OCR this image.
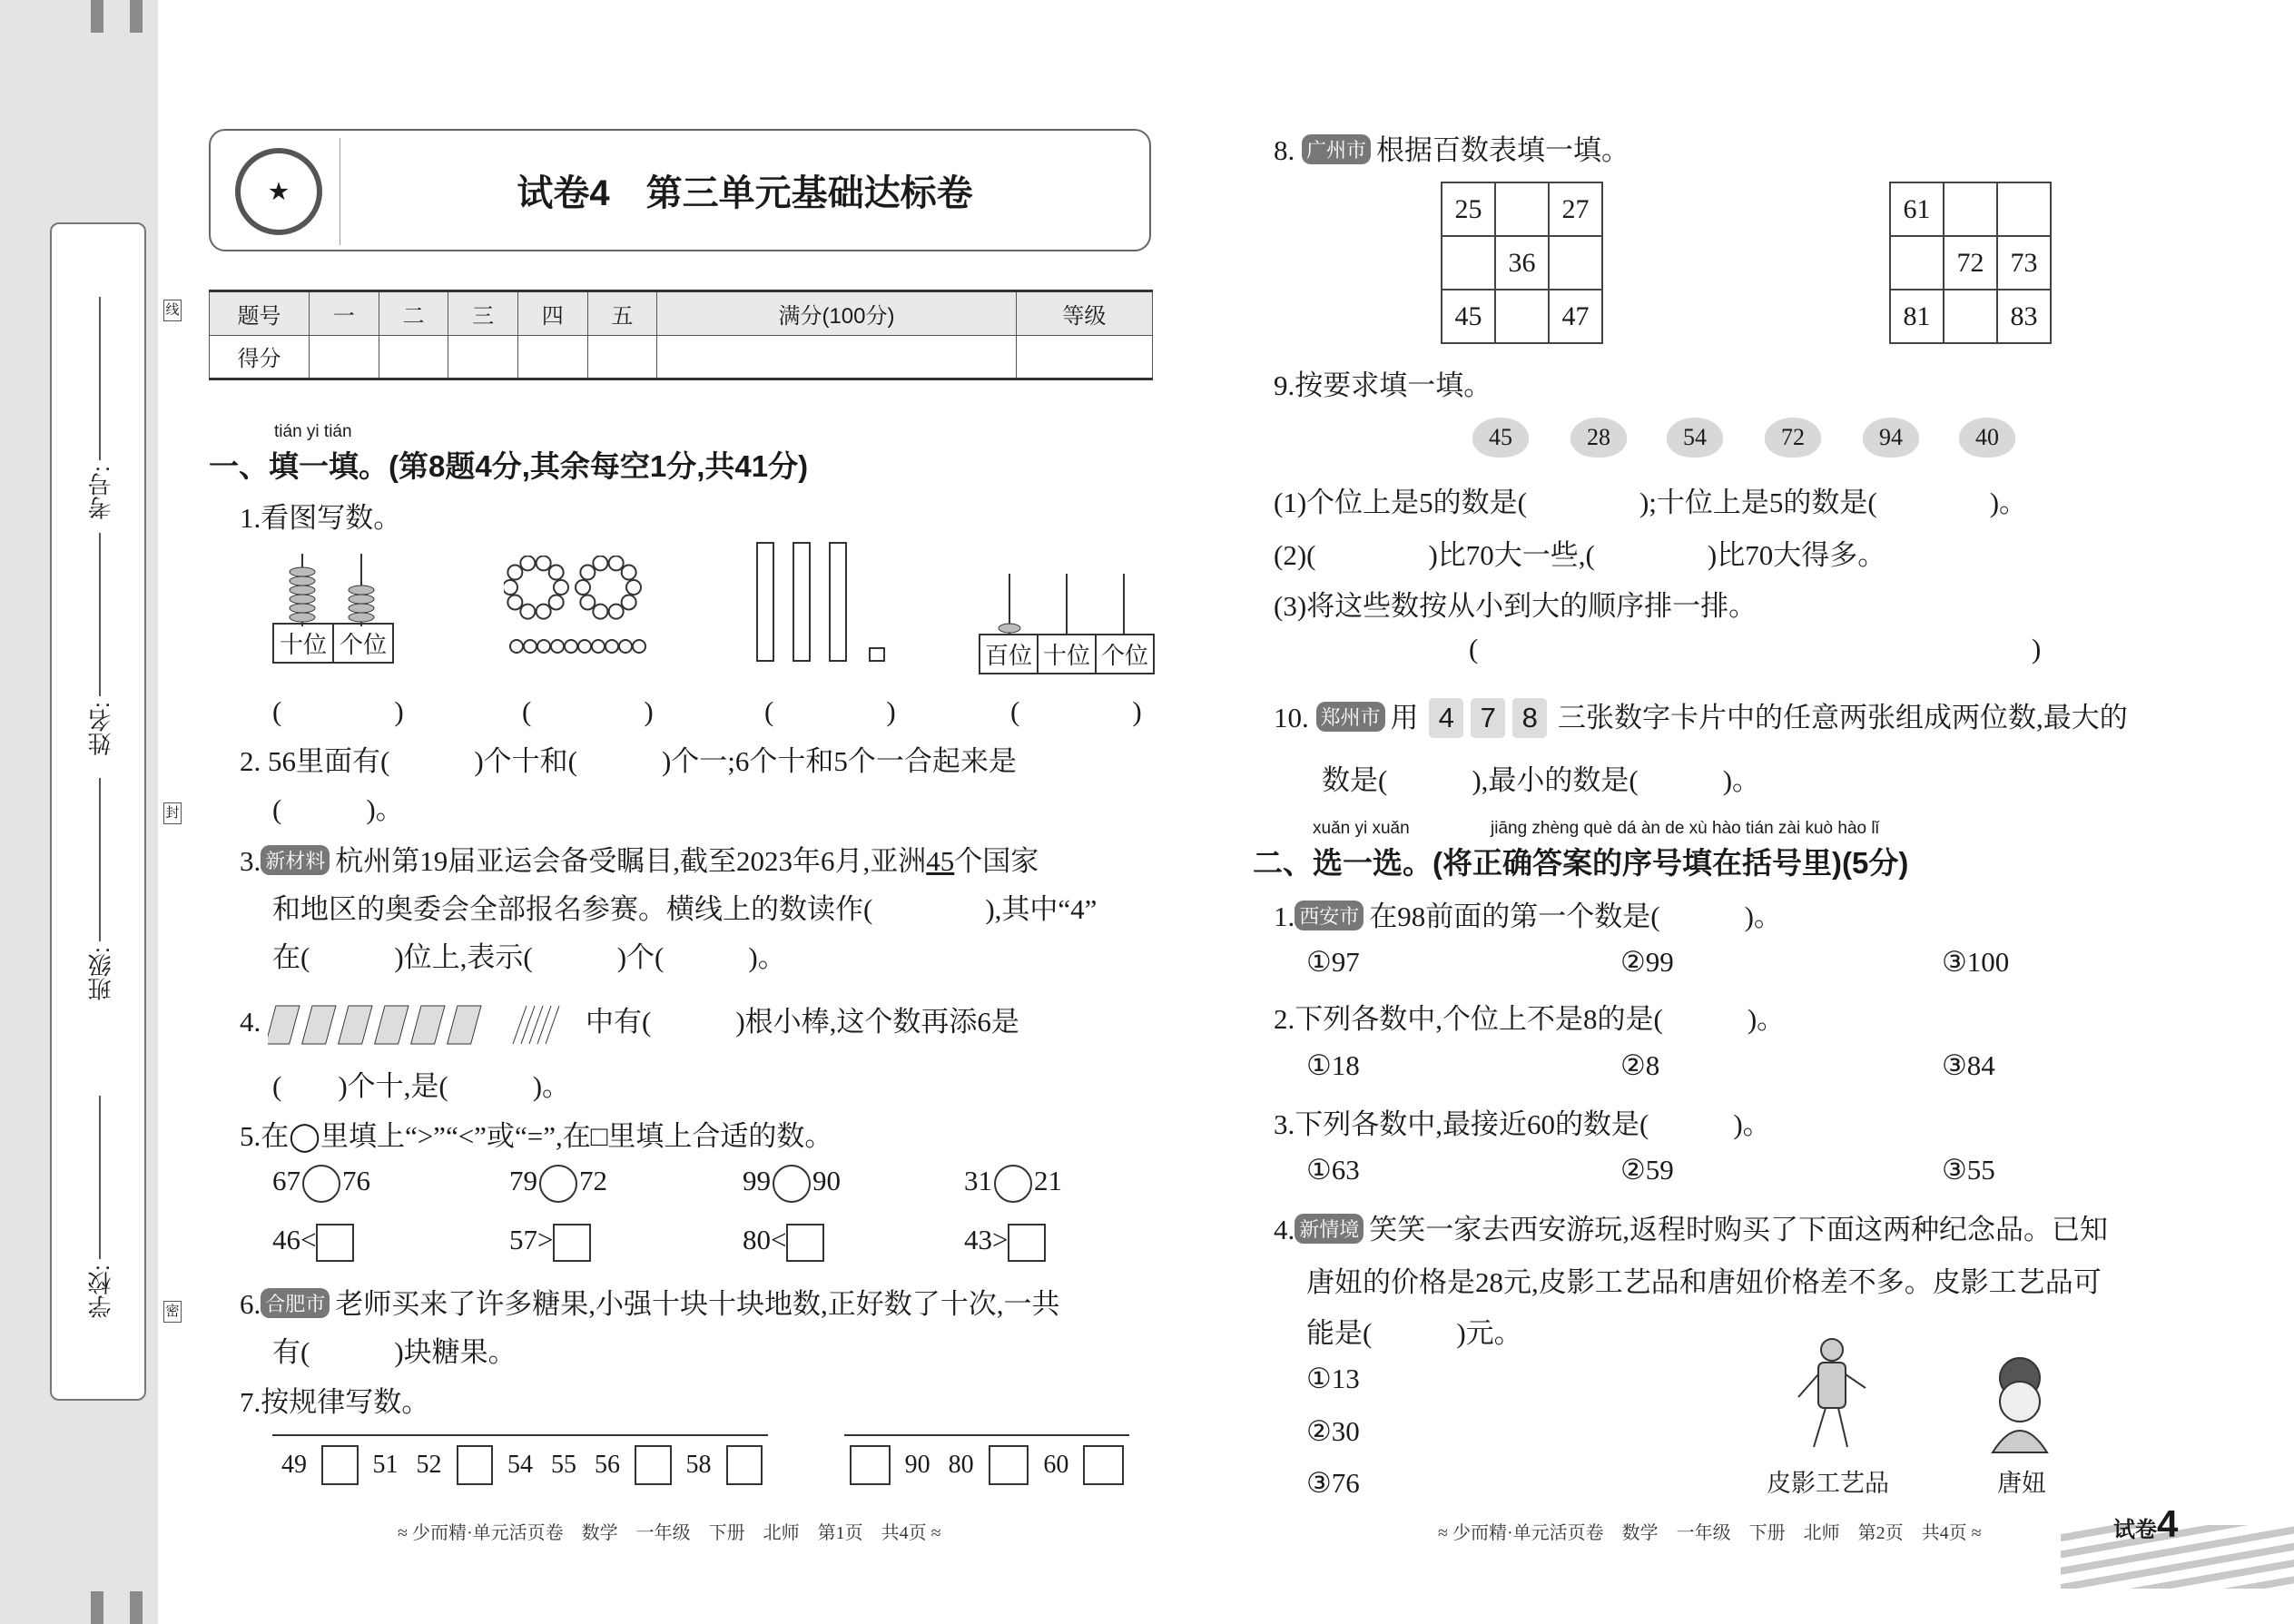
考号:
姓名:
班级:
学校:
线
封
密
★	试卷4　第三单元基础达标卷
题号	一	二	三	四	五	满分(100分)	等级
得分							
tián yi tián
一、填一填。(第8题4分,其余每空1分,共41分)
1.看图写数。
十位 个位	百位 十位 个位
(　　　　)	(　　　　)	(　　　　)	(　　　　)
2. 56里面有(　　　)个十和(　　　)个一;6个十和5个一合起来是
(　　　)。
3. 新材料 杭州第19届亚运会备受瞩目,截至2023年6月,亚洲45个国家
和地区的奥委会全部报名参赛。横线上的数读作(　　　　),其中“4”
在(　　　)位上,表示(　　　)个(　　　)。
4.	中有(　　　)根小棒,这个数再添6是
(　　)个十,是(　　　)。
5.在◯里填上“>”“<”或“=”,在□里填上合适的数。
67 76
46<
79 72
57>
99 90
80<
31 21
43>
6. 合肥市 老师买来了许多糖果,小强十块十块地数,正好数了十次,一共
有(　　　)块糖果。
7.按规律写数。
49	51 52	54 55 56	58	90 80	60
8. 广州市 根据百数表填一填。
25		27
	36	
45		47
61		
	72	73
81		83
9.按要求填一填。
45	28	54	72	94	40
(1)个位上是5的数是(　　　　);十位上是5的数是(　　　　)。
(2)(　　　　)比70大一些,(　　　　)比70大得多。
(3)将这些数按从小到大的顺序排一排。
(	)
10. 郑州市 用 4 7 8 三张数字卡片中的任意两张组成两位数,最大的
数是(　　　),最小的数是(　　　)。
xuǎn yi xuǎn	jiāng zhèng què dá àn de xù hào tián zài kuò hào lǐ
二、选一选。(将正确答案的序号填在括号里)(5分)
1. 西安市 在98前面的第一个数是(　　　)。
①97	②99	③100
2.下列各数中,个位上不是8的是(　　　)。
①18	②8	③84
3.下列各数中,最接近60的数是(　　　)。
①63	②59	③55
4. 新情境 笑笑一家去西安游玩,返程时购买了下面这两种纪念品。已知
唐妞的价格是28元,皮影工艺品和唐妞价格差不多。皮影工艺品可
能是(　　　)元。
①13
②30
③76	皮影工艺品	唐妞
≈ 少而精·单元活页卷　数学　一年级　下册　北师　第1页　共4页 ≈	≈ 少而精·单元活页卷　数学　一年级　下册　北师　第2页　共4页 ≈	试卷4
